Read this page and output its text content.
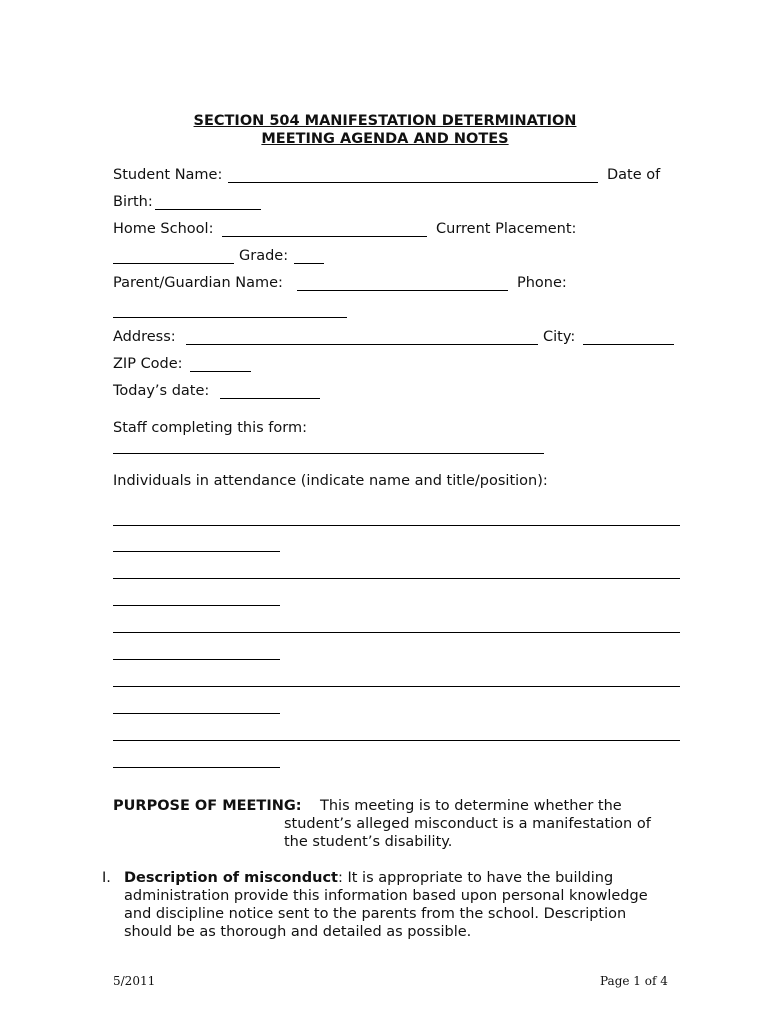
SECTION 504 MANIFESTATION DETERMINATION
MEETING AGENDA AND NOTES
Student Name:	Date of
Birth:
Home School:	Current Placement:
Grade:
Parent/Guardian Name:	Phone:
Address:	City:
ZIP Code:
Today’s date:
Staff completing this form:
Individuals in attendance (indicate name and title/position):
PURPOSE OF MEETING: This meeting is to determine whether the
student’s alleged misconduct is a manifestation of
the student’s disability.
I. Description of misconduct: It is appropriate to have the building
administration provide this information based upon personal knowledge
and discipline notice sent to the parents from the school. Description
should be as thorough and detailed as possible.
5/2011	Page 1 of 4
